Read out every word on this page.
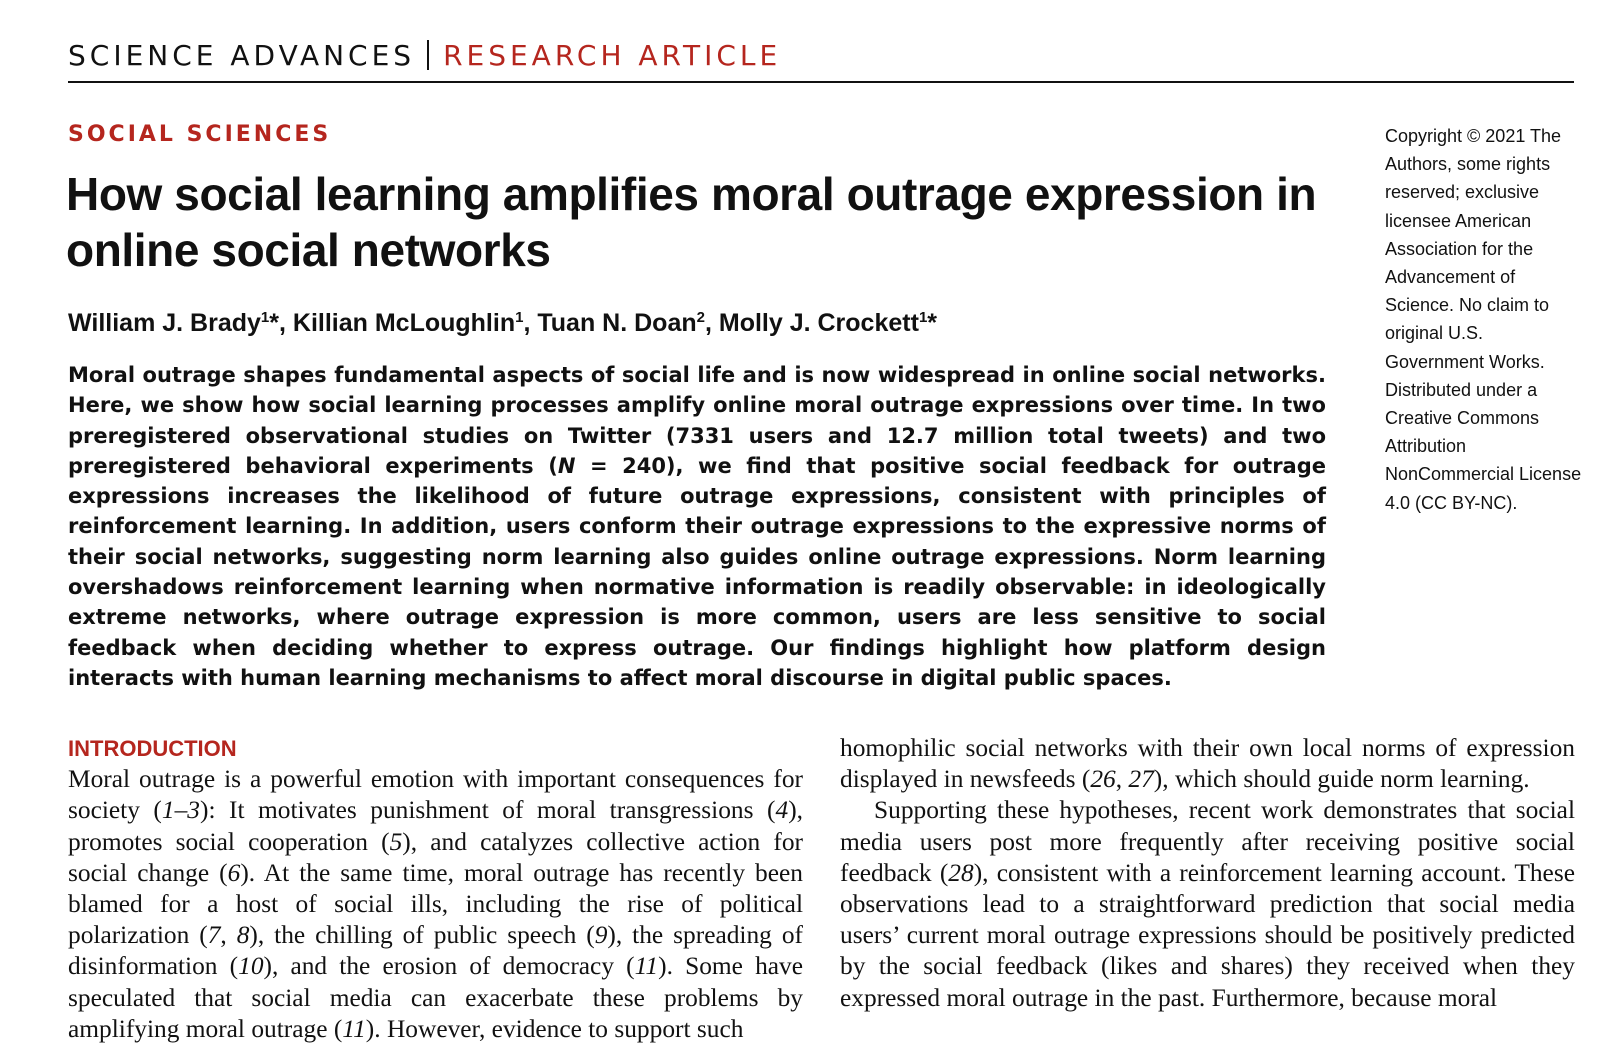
SCIENCE ADVANCES RESEARCH ARTICLE
SOCIAL SCIENCES
How social learning amplifies moral outrage expression in online social networks
William J. Brady$^1$*, Killian McLoughlin$^1$, Tuan N. Doan$^2$, Molly J. Crockett$^1$*

Moral outrage shapes fundamental aspects of social life and is now widespread in online social networks. Here, we show how social learning processes amplify online moral outrage expressions over time. In two preregistered observational studies on Twitter (7331 users and 12.7 million total tweets) and two preregistered behavioral experiments (N = 240), we find that positive social feedback for outrage expressions increases the likelihood of future outrage expressions, consistent with principles of reinforcement learning. In addition, users conform their outrage expressions to the expressive norms of their social networks, suggesting norm learning also guides online outrage expressions. Norm learning overshadows reinforcement learning when normative information is readily observable: in ideologically extreme networks, where outrage expression is more common, users are less sensitive to social feedback when deciding whether to express outrage. Our findings highlight how platform design interacts with human learning mechanisms to affect moral discourse in digital public spaces.

Copyright © 2021 The Authors, some rights reserved; exclusive licensee American Association for the Advancement of Science. No claim to original U.S. Government Works. Distributed under a Creative Commons Attribution NonCommercial License 4.0 (CC BY-NC).

INTRODUCTION

Moral outrage is a powerful emotion with important consequences for society (1–3): It motivates punishment of moral transgressions (4), promotes social cooperation (5), and catalyzes collective action for social change (6). At the same time, moral outrage has recently been blamed for a host of social ills, including the rise of political polarization (7, 8), the chilling of public speech (9), the spreading of disinformation (10), and the erosion of democracy (11). Some have speculated that social media can exacerbate these problems by amplifying moral outrage (11). However, evidence to support such

homophilic social networks with their own local norms of expression displayed in newsfeeds (26, 27), which should guide norm learning.

Supporting these hypotheses, recent work demonstrates that social media users post more frequently after receiving positive social feedback (28), consistent with a reinforcement learning account. These observations lead to a straightforward prediction that social media users’ current moral outrage expressions should be positively predicted by the social feedback (likes and shares) they received when they expressed moral outrage in the past. Furthermore, because moral
